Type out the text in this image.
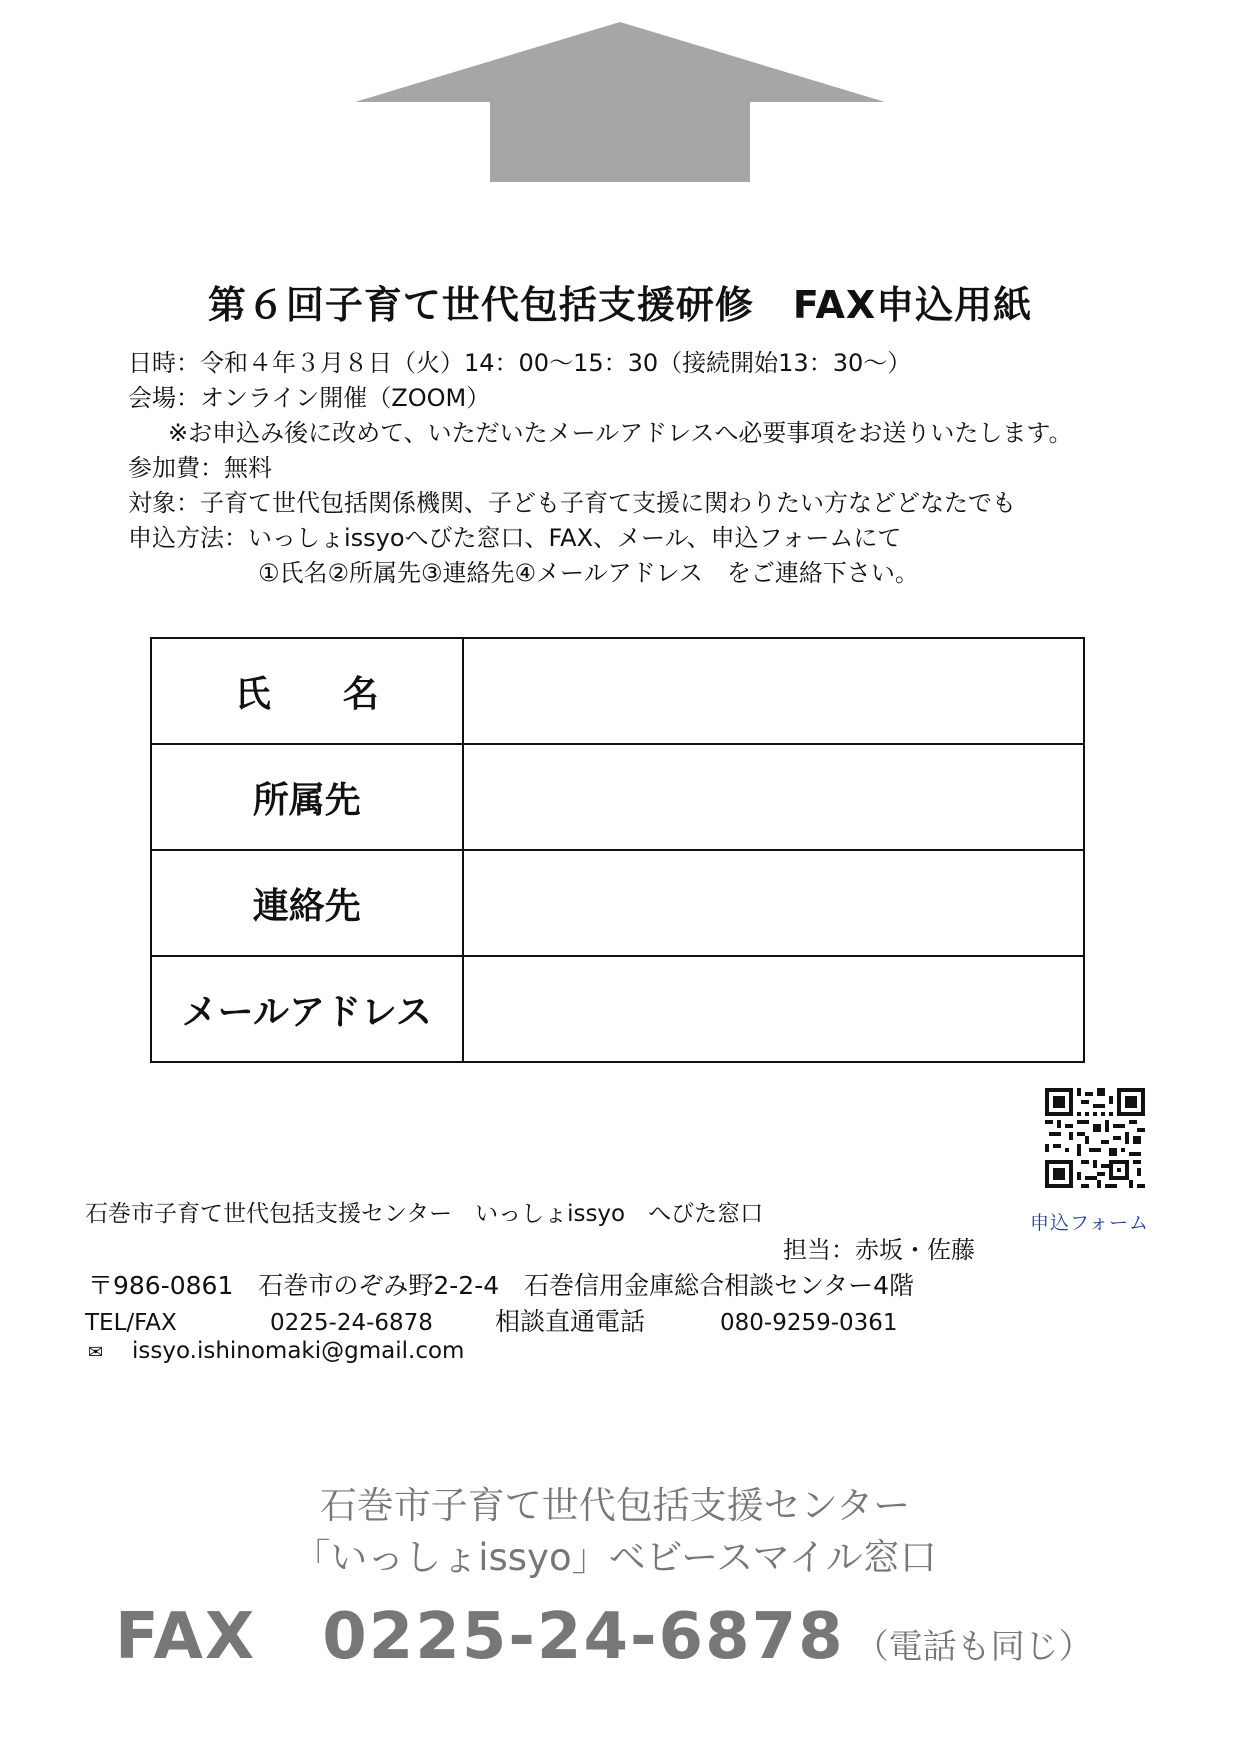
第６回子育て世代包括支援研修　FAX申込用紙
日時：令和４年３月８日（火）14：00～15：30（接続開始13：30～）
会場：オンライン開催（ZOOM）
※お申込み後に改めて、いただいたメールアドレスへ必要事項をお送りいたします。
参加費：無料
対象：子育て世代包括関係機関、子ども子育て支援に関わりたい方などどなたでも
申込方法：いっしょissyoへびた窓口、FAX、メール、申込フォームにて
①氏名②所属先③連絡先④メールアドレス　をご連絡下さい。
氏　　名	
所属先	
連絡先	
メールアドレス	
申込フォーム
石巻市子育て世代包括支援センター　いっしょissyo　へびた窓口
担当：赤坂・佐藤
〒986-0861　石巻市のぞみ野2-2-4　石巻信用金庫総合相談センター4階
TEL/FAX	0225-24-6878 相談直通電話	080-9259-0361
✉ issyo.ishinomaki@gmail.com
石巻市子育て世代包括支援センター
「いっしょissyo」ベビースマイル窓口
FAX　0225-24-6878 （電話も同じ）
